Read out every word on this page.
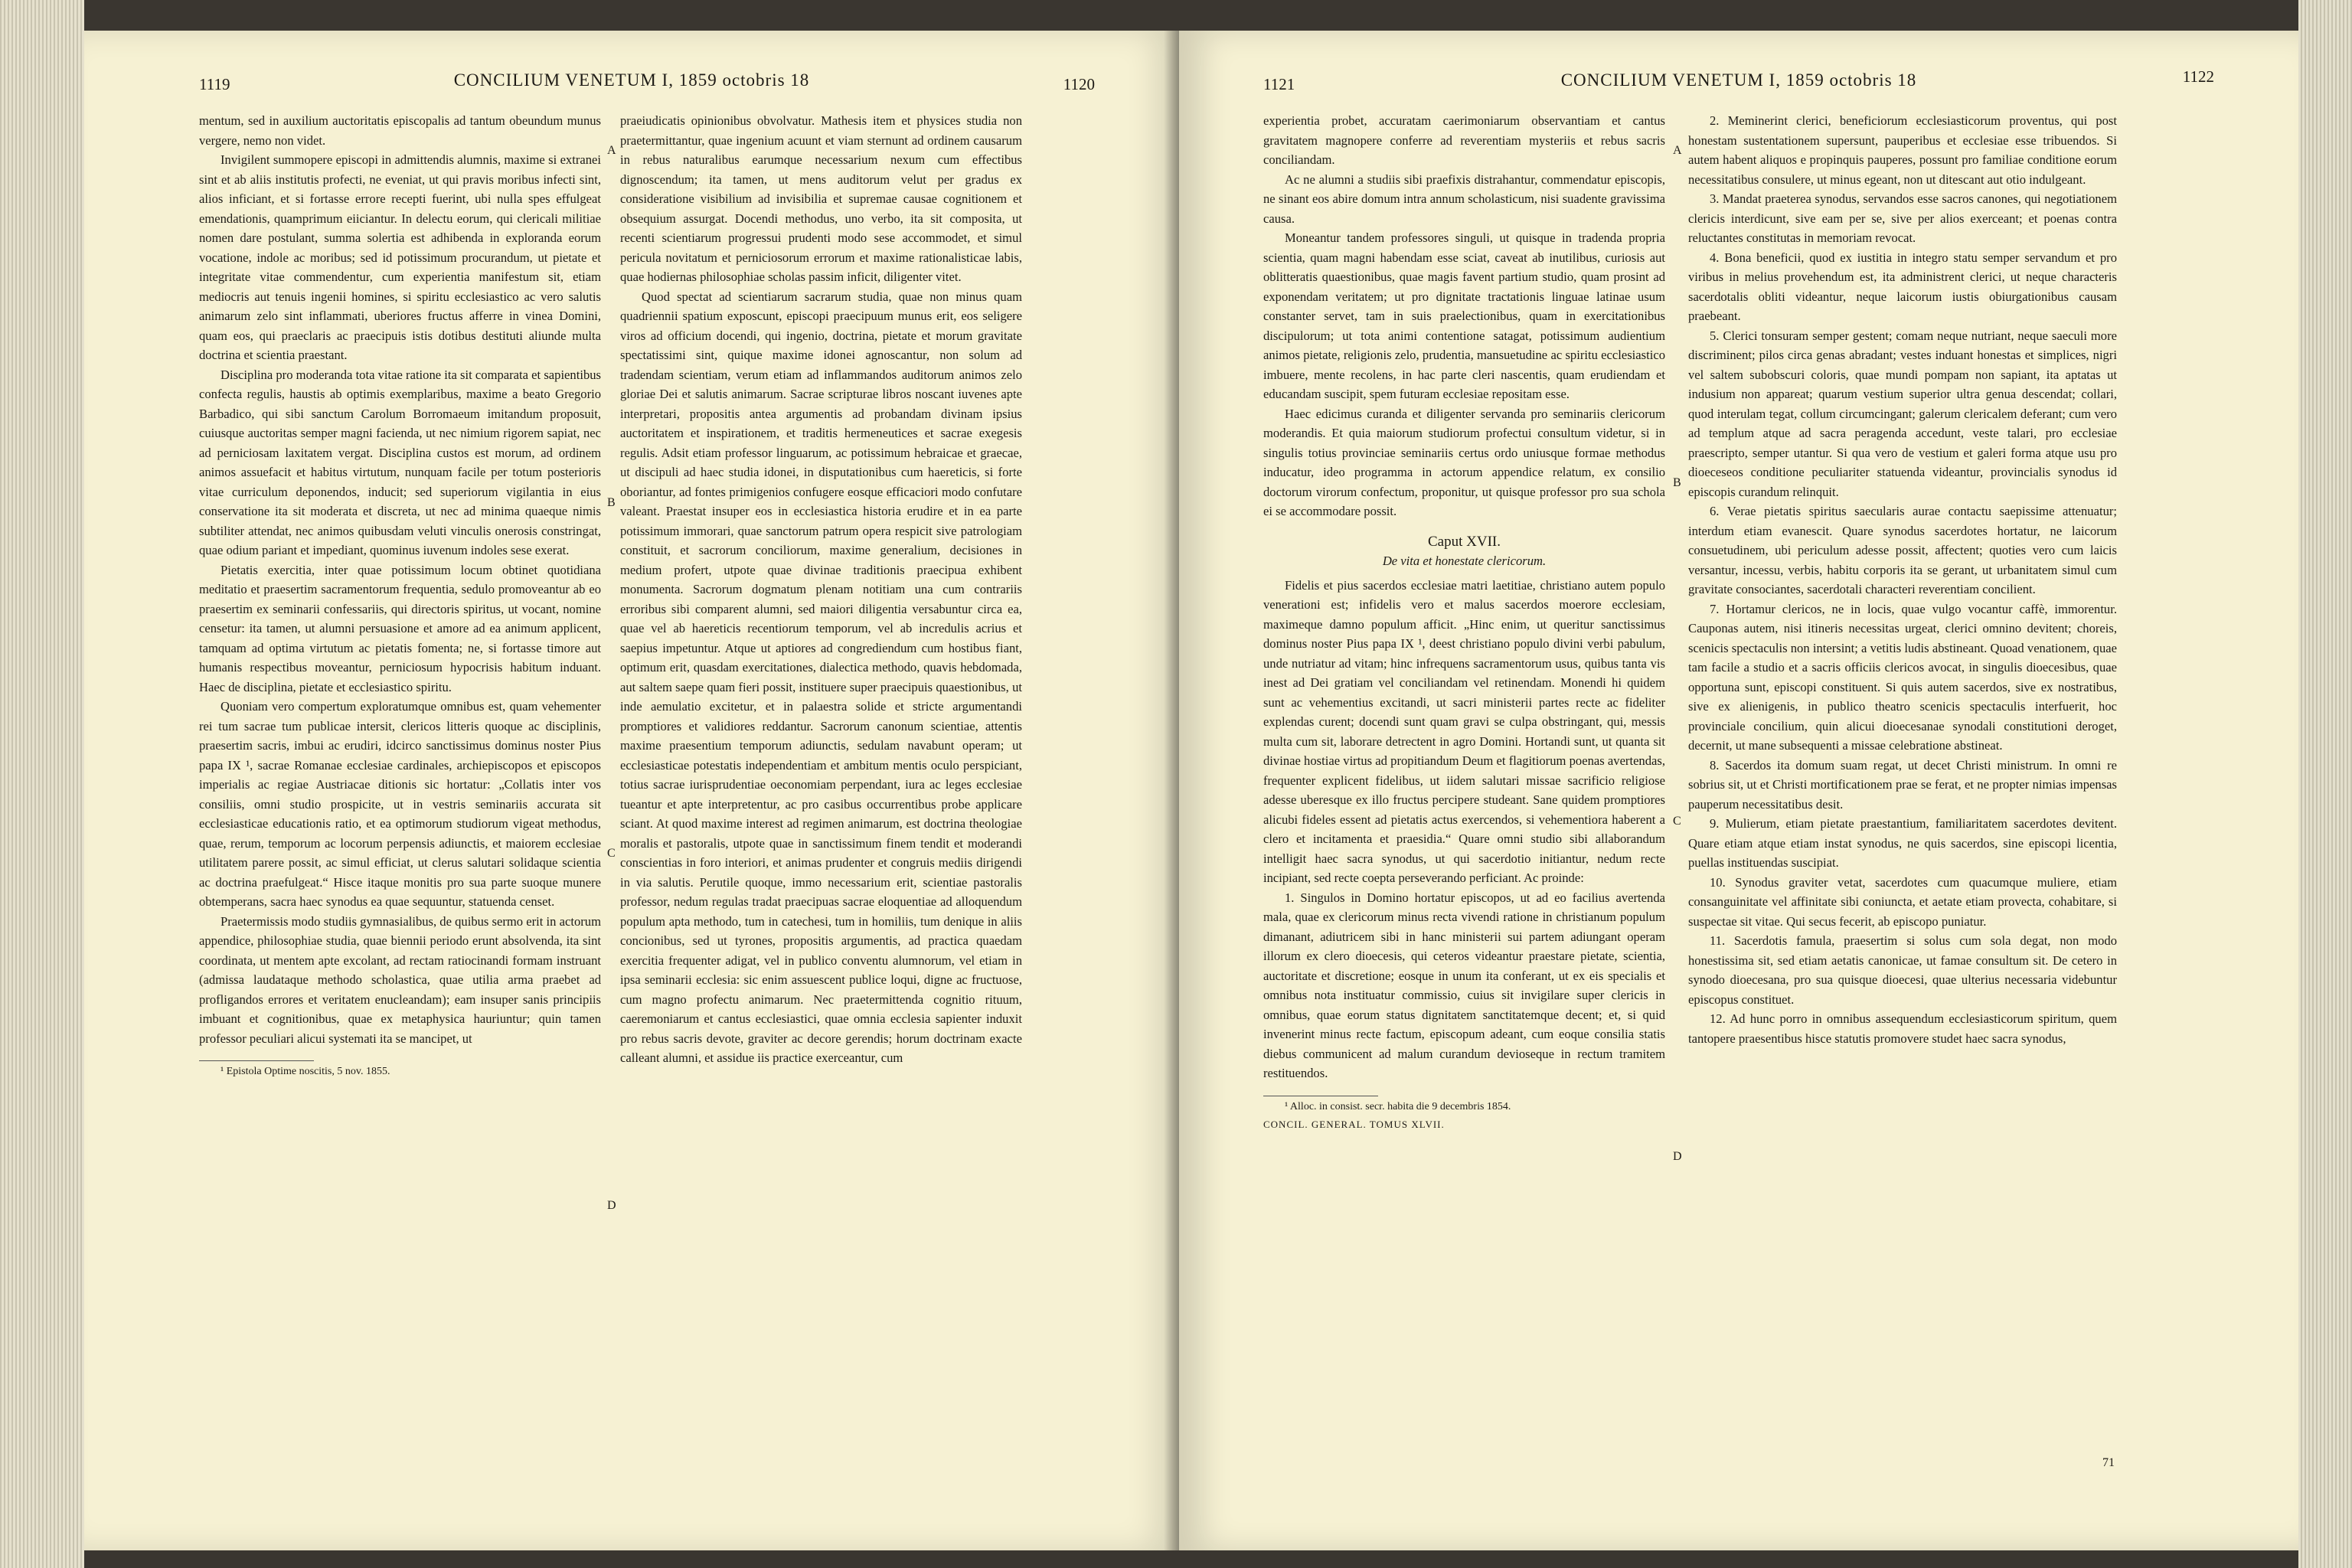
1119	CONCILIUM VENETUM I, 1859 octobris 18	1120

mentum, sed in auxilium auctoritatis episcopalis ad tantum obeundum munus vergere, nemo non videt.

Invigilent summopere episcopi in admittendis alumnis, maxime si extranei sint et ab aliis institutis profecti, ne eveniat, ut qui pravis moribus infecti sint, alios inficiant, et si fortasse errore recepti fuerint, ubi nulla spes effulgeat emendationis, quamprimum eiiciantur. In delectu eorum, qui clericali militiae nomen dare postulant, summa solertia est adhibenda in exploranda eorum vocatione, indole ac moribus; sed id potissimum procurandum, ut pietate et integritate vitae commendentur, cum experientia manifestum sit, etiam mediocris aut tenuis ingenii homines, si spiritu ecclesiastico ac vero salutis animarum zelo sint inflammati, uberiores fructus afferre in vinea Domini, quam eos, qui praeclaris ac praecipuis istis dotibus destituti aliunde multa doctrina et scientia praestant.

Disciplina pro moderanda tota vitae ratione ita sit comparata et sapientibus confecta regulis, haustis ab optimis exemplaribus, maxime a beato Gregorio Barbadico, qui sibi sanctum Carolum Borromaeum imitandum proposuit, cuiusque auctoritas semper magni facienda, ut nec nimium rigorem sapiat, nec ad perniciosam laxitatem vergat. Disciplina custos est morum, ad ordinem animos assuefacit et habitus virtutum, nunquam facile per totum posterioris vitae curriculum deponendos, inducit; sed superiorum vigilantia in eius conservatione ita sit moderata et discreta, ut nec ad minima quaeque nimis subtiliter attendat, nec animos quibusdam veluti vinculis onerosis constringat, quae odium pariant et impediant, quominus iuvenum indoles sese exerat.

Pietatis exercitia, inter quae potissimum locum obtinet quotidiana meditatio et praesertim sacramentorum frequentia, sedulo promoveantur ab eo praesertim ex seminarii confessariis, qui directoris spiritus, ut vocant, nomine censetur: ita tamen, ut alumni persuasione et amore ad ea animum applicent, tamquam ad optima virtutum ac pietatis fomenta; ne, si fortasse timore aut humanis respectibus moveantur, perniciosum hypocrisis habitum induant. Haec de disciplina, pietate et ecclesiastico spiritu.

Quoniam vero compertum exploratumque omnibus est, quam vehementer rei tum sacrae tum publicae intersit, clericos litteris quoque ac disciplinis, praesertim sacris, imbui ac erudiri, idcirco sanctissimus dominus noster Pius papa IX ¹, sacrae Romanae ecclesiae cardinales, archiepiscopos et episcopos imperialis ac regiae Austriacae ditionis sic hortatur: „Collatis inter vos consiliis, omni studio prospicite, ut in vestris seminariis accurata sit ecclesiasticae educationis ratio, et ea optimorum studiorum vigeat methodus, quae, rerum, temporum ac locorum perpensis adiunctis, et maiorem ecclesiae utilitatem parere possit, ac simul efficiat, ut clerus salutari solidaque scientia ac doctrina praefulgeat.“ Hisce itaque monitis pro sua parte suoque munere obtemperans, sacra haec synodus ea quae sequuntur, statuenda censet.

Praetermissis modo studiis gymnasialibus, de quibus sermo erit in actorum appendice, philosophiae studia, quae biennii periodo erunt absolvenda, ita sint coordinata, ut mentem apte excolant, ad rectam ratiocinandi formam instruant (admissa laudataque methodo scholastica, quae utilia arma praebet ad profligandos errores et veritatem enucleandam); eam insuper sanis principiis imbuant et cognitionibus, quae ex metaphysica hauriuntur; quin tamen professor peculiari alicui systemati ita se mancipet, ut

¹ Epistola Optime noscitis, 5 nov. 1855.

A
B
C
D

praeiudicatis opinionibus obvolvatur. Mathesis item et physices studia non praetermittantur, quae ingenium acuunt et viam sternunt ad ordinem causarum in rebus naturalibus earumque necessarium nexum cum effectibus dignoscendum; ita tamen, ut mens auditorum velut per gradus ex consideratione visibilium ad invisibilia et supremae causae cognitionem et obsequium assurgat. Docendi methodus, uno verbo, ita sit composita, ut recenti scientiarum progressui prudenti modo sese accommodet, et simul pericula novitatum et perniciosorum errorum et maxime rationalisticae labis, quae hodiernas philosophiae scholas passim inficit, diligenter vitet.

Quod spectat ad scientiarum sacrarum studia, quae non minus quam quadriennii spatium exposcunt, episcopi praecipuum munus erit, eos seligere viros ad officium docendi, qui ingenio, doctrina, pietate et morum gravitate spectatissimi sint, quique maxime idonei agnoscantur, non solum ad tradendam scientiam, verum etiam ad inflammandos auditorum animos zelo gloriae Dei et salutis animarum. Sacrae scripturae libros noscant iuvenes apte interpretari, propositis antea argumentis ad probandam divinam ipsius auctoritatem et inspirationem, et traditis hermeneutices et sacrae exegesis regulis. Adsit etiam professor linguarum, ac potissimum hebraicae et graecae, ut discipuli ad haec studia idonei, in disputationibus cum haereticis, si forte oboriantur, ad fontes primigenios confugere eosque efficaciori modo confutare valeant. Praestat insuper eos in ecclesiastica historia erudire et in ea parte potissimum immorari, quae sanctorum patrum opera respicit sive patrologiam constituit, et sacrorum conciliorum, maxime generalium, decisiones in medium profert, utpote quae divinae traditionis praecipua exhibent monumenta. Sacrorum dogmatum plenam notitiam una cum contrariis erroribus sibi comparent alumni, sed maiori diligentia versabuntur circa ea, quae vel ab haereticis recentiorum temporum, vel ab incredulis acrius et saepius impetuntur. Atque ut aptiores ad congrediendum cum hostibus fiant, optimum erit, quasdam exercitationes, dialectica methodo, quavis hebdomada, aut saltem saepe quam fieri possit, instituere super praecipuis quaestionibus, ut inde aemulatio excitetur, et in palaestra solide et stricte argumentandi promptiores et validiores reddantur. Sacrorum canonum scientiae, attentis maxime praesentium temporum adiunctis, sedulam navabunt operam; ut ecclesiasticae potestatis independentiam et ambitum mentis oculo perspiciant, totius sacrae iurisprudentiae oeconomiam perpendant, iura ac leges ecclesiae tueantur et apte interpretentur, ac pro casibus occurrentibus probe applicare sciant. At quod maxime interest ad regimen animarum, est doctrina theologiae moralis et pastoralis, utpote quae in sanctissimum finem tendit et moderandi conscientias in foro interiori, et animas prudenter et congruis mediis dirigendi in via salutis. Perutile quoque, immo necessarium erit, scientiae pastoralis professor, nedum regulas tradat praecipuas sacrae eloquentiae ad alloquendum populum apta methodo, tum in catechesi, tum in homiliis, tum denique in aliis concionibus, sed ut tyrones, propositis argumentis, ad practica quaedam exercitia frequenter adigat, vel in publico conventu alumnorum, vel etiam in ipsa seminarii ecclesia: sic enim assuescent publice loqui, digne ac fructuose, cum magno profectu animarum. Nec praetermittenda cognitio rituum, caeremoniarum et cantus ecclesiastici, quae omnia ecclesia sapienter induxit pro rebus sacris devote, graviter ac decore gerendis; horum doctrinam exacte calleant alumni, et assidue iis practice exerceantur, cum

1121	CONCILIUM VENETUM I, 1859 octobris 18	1122

experientia probet, accuratam caerimoniarum observantiam et cantus gravitatem magnopere conferre ad reverentiam mysteriis et rebus sacris conciliandam.

Ac ne alumni a studiis sibi praefixis distrahantur, commendatur episcopis, ne sinant eos abire domum intra annum scholasticum, nisi suadente gravissima causa.

Moneantur tandem professores singuli, ut quisque in tradenda propria scientia, quam magni habendam esse sciat, caveat ab inutilibus, curiosis aut oblitteratis quaestionibus, quae magis favent partium studio, quam prosint ad exponendam veritatem; ut pro dignitate tractationis linguae latinae usum constanter servet, tam in suis praelectionibus, quam in exercitationibus discipulorum; ut tota animi contentione satagat, potissimum audientium animos pietate, religionis zelo, prudentia, mansuetudine ac spiritu ecclesiastico imbuere, mente recolens, in hac parte cleri nascentis, quam erudiendam et educandam suscipit, spem futuram ecclesiae repositam esse.

Haec edicimus curanda et diligenter servanda pro seminariis clericorum moderandis. Et quia maiorum studiorum profectui consultum videtur, si in singulis totius provinciae seminariis certus ordo uniusque formae methodus inducatur, ideo programma in actorum appendice relatum, ex consilio doctorum virorum confectum, proponitur, ut quisque professor pro sua schola ei se accommodare possit.

Caput XVII.

De vita et honestate clericorum.

Fidelis et pius sacerdos ecclesiae matri laetitiae, christiano autem populo venerationi est; infidelis vero et malus sacerdos moerore ecclesiam, maximeque damno populum afficit. „Hinc enim, ut queritur sanctissimus dominus noster Pius papa IX ¹, deest christiano populo divini verbi pabulum, unde nutriatur ad vitam; hinc infrequens sacramentorum usus, quibus tanta vis inest ad Dei gratiam vel conciliandam vel retinendam. Monendi hi quidem sunt ac vehementius excitandi, ut sacri ministerii partes recte ac fideliter explendas curent; docendi sunt quam gravi se culpa obstringant, qui, messis multa cum sit, laborare detrectent in agro Domini. Hortandi sunt, ut quanta sit divinae hostiae virtus ad propitiandum Deum et flagitiorum poenas avertendas, frequenter explicent fidelibus, ut iidem salutari missae sacrificio religiose adesse uberesque ex illo fructus percipere studeant. Sane quidem promptiores alicubi fideles essent ad pietatis actus exercendos, si vehementiora haberent a clero et incitamenta et praesidia.“ Quare omni studio sibi allaborandum intelligit haec sacra synodus, ut qui sacerdotio initiantur, nedum recte incipiant, sed recte coepta perseverando perficiant. Ac proinde:

1. Singulos in Domino hortatur episcopos, ut ad eo facilius avertenda mala, quae ex clericorum minus recta vivendi ratione in christianum populum dimanant, adiutricem sibi in hanc ministerii sui partem adiungant operam illorum ex clero dioecesis, qui ceteros videantur praestare pietate, scientia, auctoritate et discretione; eosque in unum ita conferant, ut ex eis specialis et omnibus nota instituatur commissio, cuius sit invigilare super clericis in omnibus, quae eorum status dignitatem sanctitatemque decent; et, si quid invenerint minus recte factum, episcopum adeant, cum eoque consilia statis diebus communicent ad malum curandum devioseque in rectum tramitem restituendos.

¹ Alloc. in consist. secr. habita die 9 decembris 1854.

CONCIL. GENERAL. TOMUS XLVII.

A
B
C
D

2. Meminerint clerici, beneficiorum ecclesiasticorum proventus, qui post honestam sustentationem supersunt, pauperibus et ecclesiae esse tribuendos. Si autem habent aliquos e propinquis pauperes, possunt pro familiae conditione eorum necessitatibus consulere, ut minus egeant, non ut ditescant aut otio indulgeant.

3. Mandat praeterea synodus, servandos esse sacros canones, qui negotiationem clericis interdicunt, sive eam per se, sive per alios exerceant; et poenas contra reluctantes constitutas in memoriam revocat.

4. Bona beneficii, quod ex iustitia in integro statu semper servandum et pro viribus in melius provehendum est, ita administrent clerici, ut neque characteris sacerdotalis obliti videantur, neque laicorum iustis obiurgationibus causam praebeant.

5. Clerici tonsuram semper gestent; comam neque nutriant, neque saeculi more discriminent; pilos circa genas abradant; vestes induant honestas et simplices, nigri vel saltem subobscuri coloris, quae mundi pompam non sapiant, ita aptatas ut indusium non appareat; quarum vestium superior ultra genua descendat; collari, quod interulam tegat, collum circumcingant; galerum clericalem deferant; cum vero ad templum atque ad sacra peragenda accedunt, veste talari, pro ecclesiae praescripto, semper utantur. Si qua vero de vestium et galeri forma atque usu pro dioeceseos conditione peculiariter statuenda videantur, provincialis synodus id episcopis curandum relinquit.

6. Verae pietatis spiritus saecularis aurae contactu saepissime attenuatur; interdum etiam evanescit. Quare synodus sacerdotes hortatur, ne laicorum consuetudinem, ubi periculum adesse possit, affectent; quoties vero cum laicis versantur, incessu, verbis, habitu corporis ita se gerant, ut urbanitatem simul cum gravitate consociantes, sacerdotali characteri reverentiam concilient.

7. Hortamur clericos, ne in locis, quae vulgo vocantur caffè, immorentur. Cauponas autem, nisi itineris necessitas urgeat, clerici omnino devitent; choreis, scenicis spectaculis non intersint; a vetitis ludis abstineant. Quoad venationem, quae tam facile a studio et a sacris officiis clericos avocat, in singulis dioecesibus, quae opportuna sunt, episcopi constituent. Si quis autem sacerdos, sive ex nostratibus, sive ex alienigenis, in publico theatro scenicis spectaculis interfuerit, hoc provinciale concilium, quin alicui dioecesanae synodali constitutioni deroget, decernit, ut mane subsequenti a missae celebratione abstineat.

8. Sacerdos ita domum suam regat, ut decet Christi ministrum. In omni re sobrius sit, ut et Christi mortificationem prae se ferat, et ne propter nimias impensas pauperum necessitatibus desit.

9. Mulierum, etiam pietate praestantium, familiaritatem sacerdotes devitent. Quare etiam atque etiam instat synodus, ne quis sacerdos, sine episcopi licentia, puellas instituendas suscipiat.

10. Synodus graviter vetat, sacerdotes cum quacumque muliere, etiam consanguinitate vel affinitate sibi coniuncta, et aetate etiam provecta, cohabitare, si suspectae sit vitae. Qui secus fecerit, ab episcopo puniatur.

11. Sacerdotis famula, praesertim si solus cum sola degat, non modo honestissima sit, sed etiam aetatis canonicae, ut famae consultum sit. De cetero in synodo dioecesana, pro sua quisque dioecesi, quae ulterius necessaria videbuntur episcopus constituet.

12. Ad hunc porro in omnibus assequendum ecclesiasticorum spiritum, quem tantopere praesentibus hisce statutis promovere studet haec sacra synodus,

71
